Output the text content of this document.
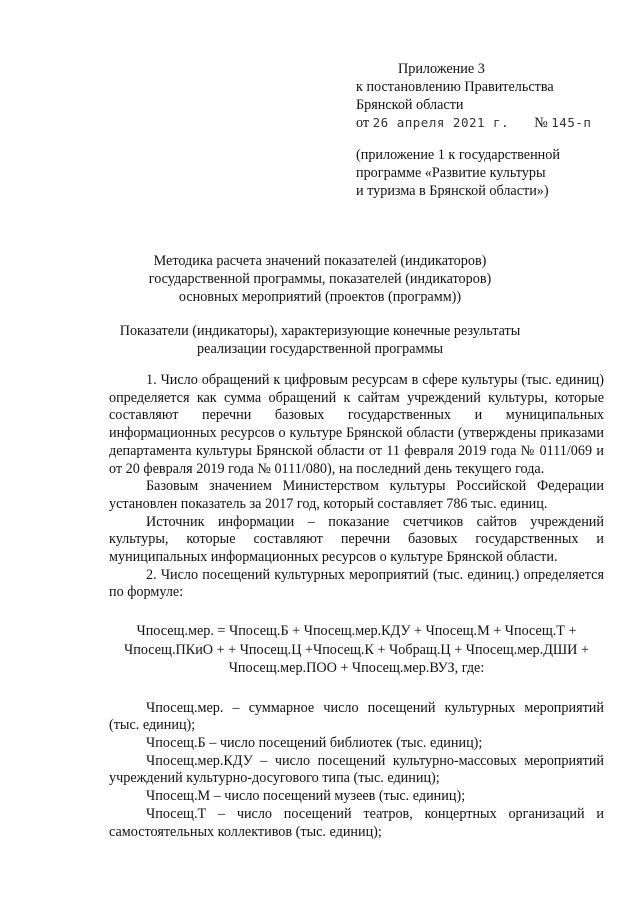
Приложение 3
к постановлению Правительства
Брянской области
от 26 апреля 2021 г. № 145-п
(приложение 1 к государственной
программе «Развитие культуры
и туризма в Брянской области»)
Методика расчета значений показателей (индикаторов)
государственной программы, показателей (индикаторов)
основных мероприятий (проектов (программ))
Показатели (индикаторы), характеризующие конечные результаты
реализации государственной программы

1. Число обращений к цифровым ресурсам в сфере культуры (тыс. единиц) определяется как сумма обращений к сайтам учреждений культуры, которые составляют перечни базовых государственных и муниципальных информационных ресурсов о культуре Брянской области (утверждены приказами департамента культуры Брянской области от 11 февраля 2019 года № 0111/069 и от 20 февраля 2019 года № 0111/080), на последний день текущего года.

Базовым значением Министерством культуры Российской Федерации установлен показатель за 2017 год, который составляет 786 тыс. единиц.

Источник информации – показание счетчиков сайтов учреждений культуры, которые составляют перечни базовых государственных и муниципальных информационных ресурсов о культуре Брянской области.

2. Число посещений культурных мероприятий (тыс. единиц.) определяется по формуле:

Чпосещ.мер. = Чпосещ.Б + Чпосещ.мер.КДУ + Чпосещ.М + Чпосещ.Т +
Чпосещ.ПКиО + + Чпосещ.Ц +Чпосещ.К + Чобращ.Ц + Чпосещ.мер.ДШИ +
Чпосещ.мер.ПОО + Чпосещ.мер.ВУЗ, где:

Чпосещ.мер. – суммарное число посещений культурных мероприятий (тыс. единиц);

Чпосещ.Б – число посещений библиотек (тыс. единиц);

Чпосещ.мер.КДУ – число посещений культурно-массовых мероприятий учреждений культурно-досугового типа (тыс. единиц);

Чпосещ.М – число посещений музеев (тыс. единиц);

Чпосещ.Т – число посещений театров, концертных организаций и самостоятельных коллективов (тыс. единиц);
